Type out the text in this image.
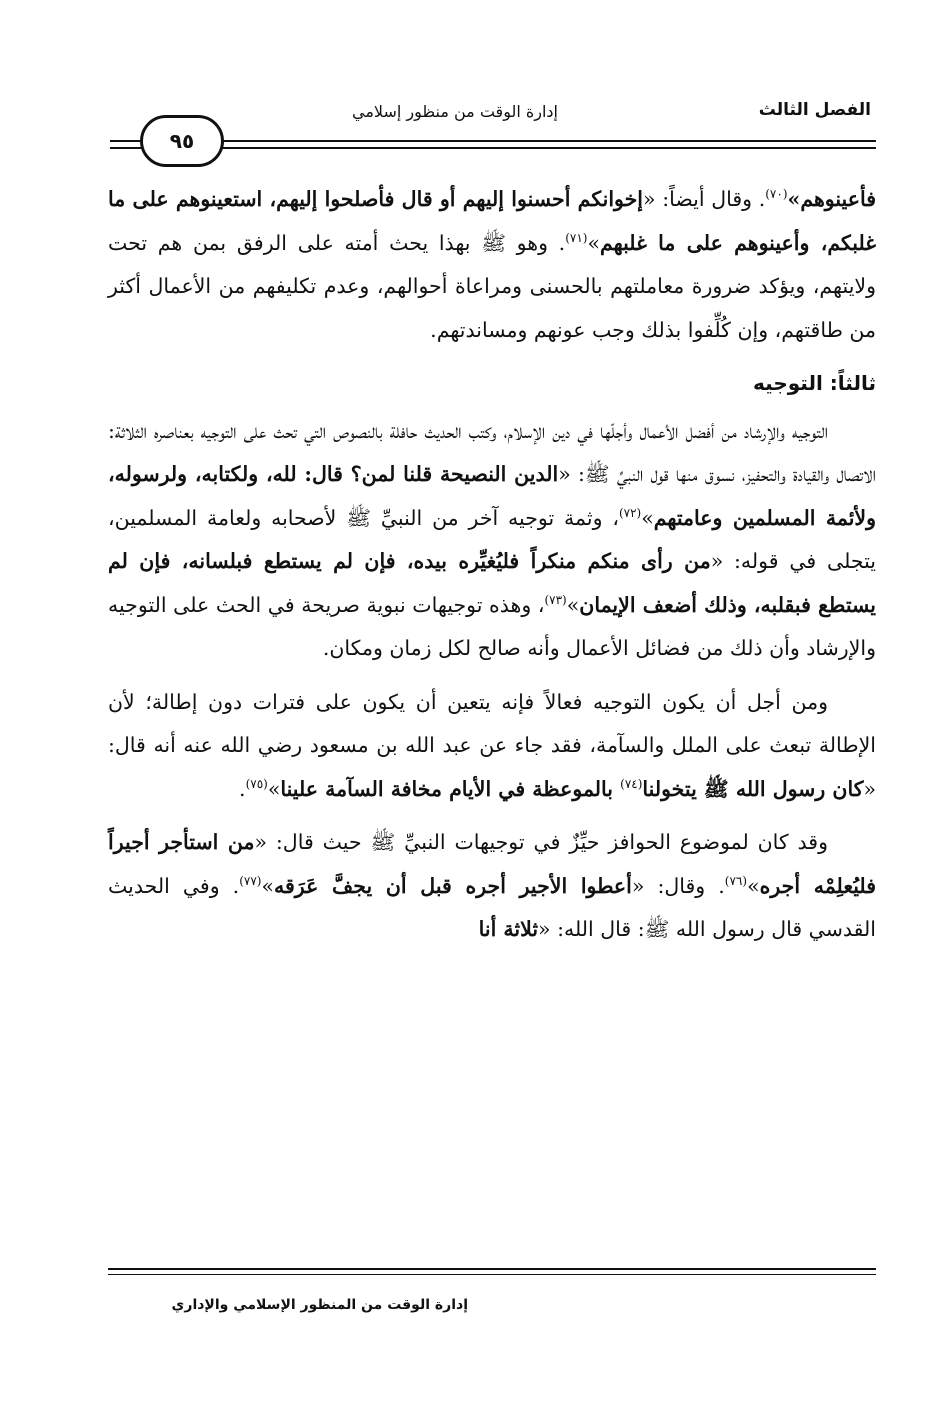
الفصل الثالث
إدارة الوقت من منظور إسلامي
٩٥

فأعينوهم»$^{(٧٠)}$. وقال أيضاً: «إخوانكم أحسنوا إليهم أو قال فأصلحوا إليهم، استعينوهم على ما غلبكم، وأعينوهم على ما غلبهم»$^{(٧١)}$. وهو ﷺ بهذا يحث أمته على الرفق بمن هم تحت ولايتهم، ويؤكد ضرورة معاملتهم بالحسنى ومراعاة أحوالهم، وعدم تكليفهم من الأعمال أكثر من طاقتهم، وإن كُلِّفوا بذلك وجب عونهم ومساندتهم.

ثالثاً: التوجيه

التوجيه والإرشاد من أفضل الأعمال وأجلّها في دين الإسلام، وكتب الحديث حافلة بالنصوص التي تحث على التوجيه بعناصره الثلاثة: الاتصال والقيادة والتحفيز، نسوق منها قول النبيِّ ﷺ: «الدين النصيحة قلنا لمن؟ قال: لله، ولكتابه، ولرسوله، ولأئمة المسلمين وعامتهم»$^{(٧٢)}$، وثمة توجيه آخر من النبيِّ ﷺ لأصحابه ولعامة المسلمين، يتجلى في قوله: «من رأى منكم منكراً فليُغيِّره بيده، فإن لم يستطع فبلسانه، فإن لم يستطع فبقلبه، وذلك أضعف الإيمان»$^{(٧٣)}$، وهذه توجيهات نبوية صريحة في الحث على التوجيه والإرشاد وأن ذلك من فضائل الأعمال وأنه صالح لكل زمان ومكان.

ومن أجل أن يكون التوجيه فعالاً فإنه يتعين أن يكون على فترات دون إطالة؛ لأن الإطالة تبعث على الملل والسآمة، فقد جاء عن عبد الله بن مسعود رضي الله عنه أنه قال: «كان رسول الله ﷺ يتخولنا$^{(٧٤)}$ بالموعظة في الأيام مخافة السآمة علينا»$^{(٧٥)}$.

وقد كان لموضوع الحوافز حيِّزٌ في توجيهات النبيِّ ﷺ حيث قال: «من استأجر أجيراً فليُعلِمْه أجره»$^{(٧٦)}$. وقال: «أعطوا الأجير أجره قبل أن يجفَّ عَرَقه»$^{(٧٧)}$. وفي الحديث القدسي قال رسول الله ﷺ: قال الله: «ثلاثة أنا

إدارة الوقت من المنظور الإسلامي والإداري
